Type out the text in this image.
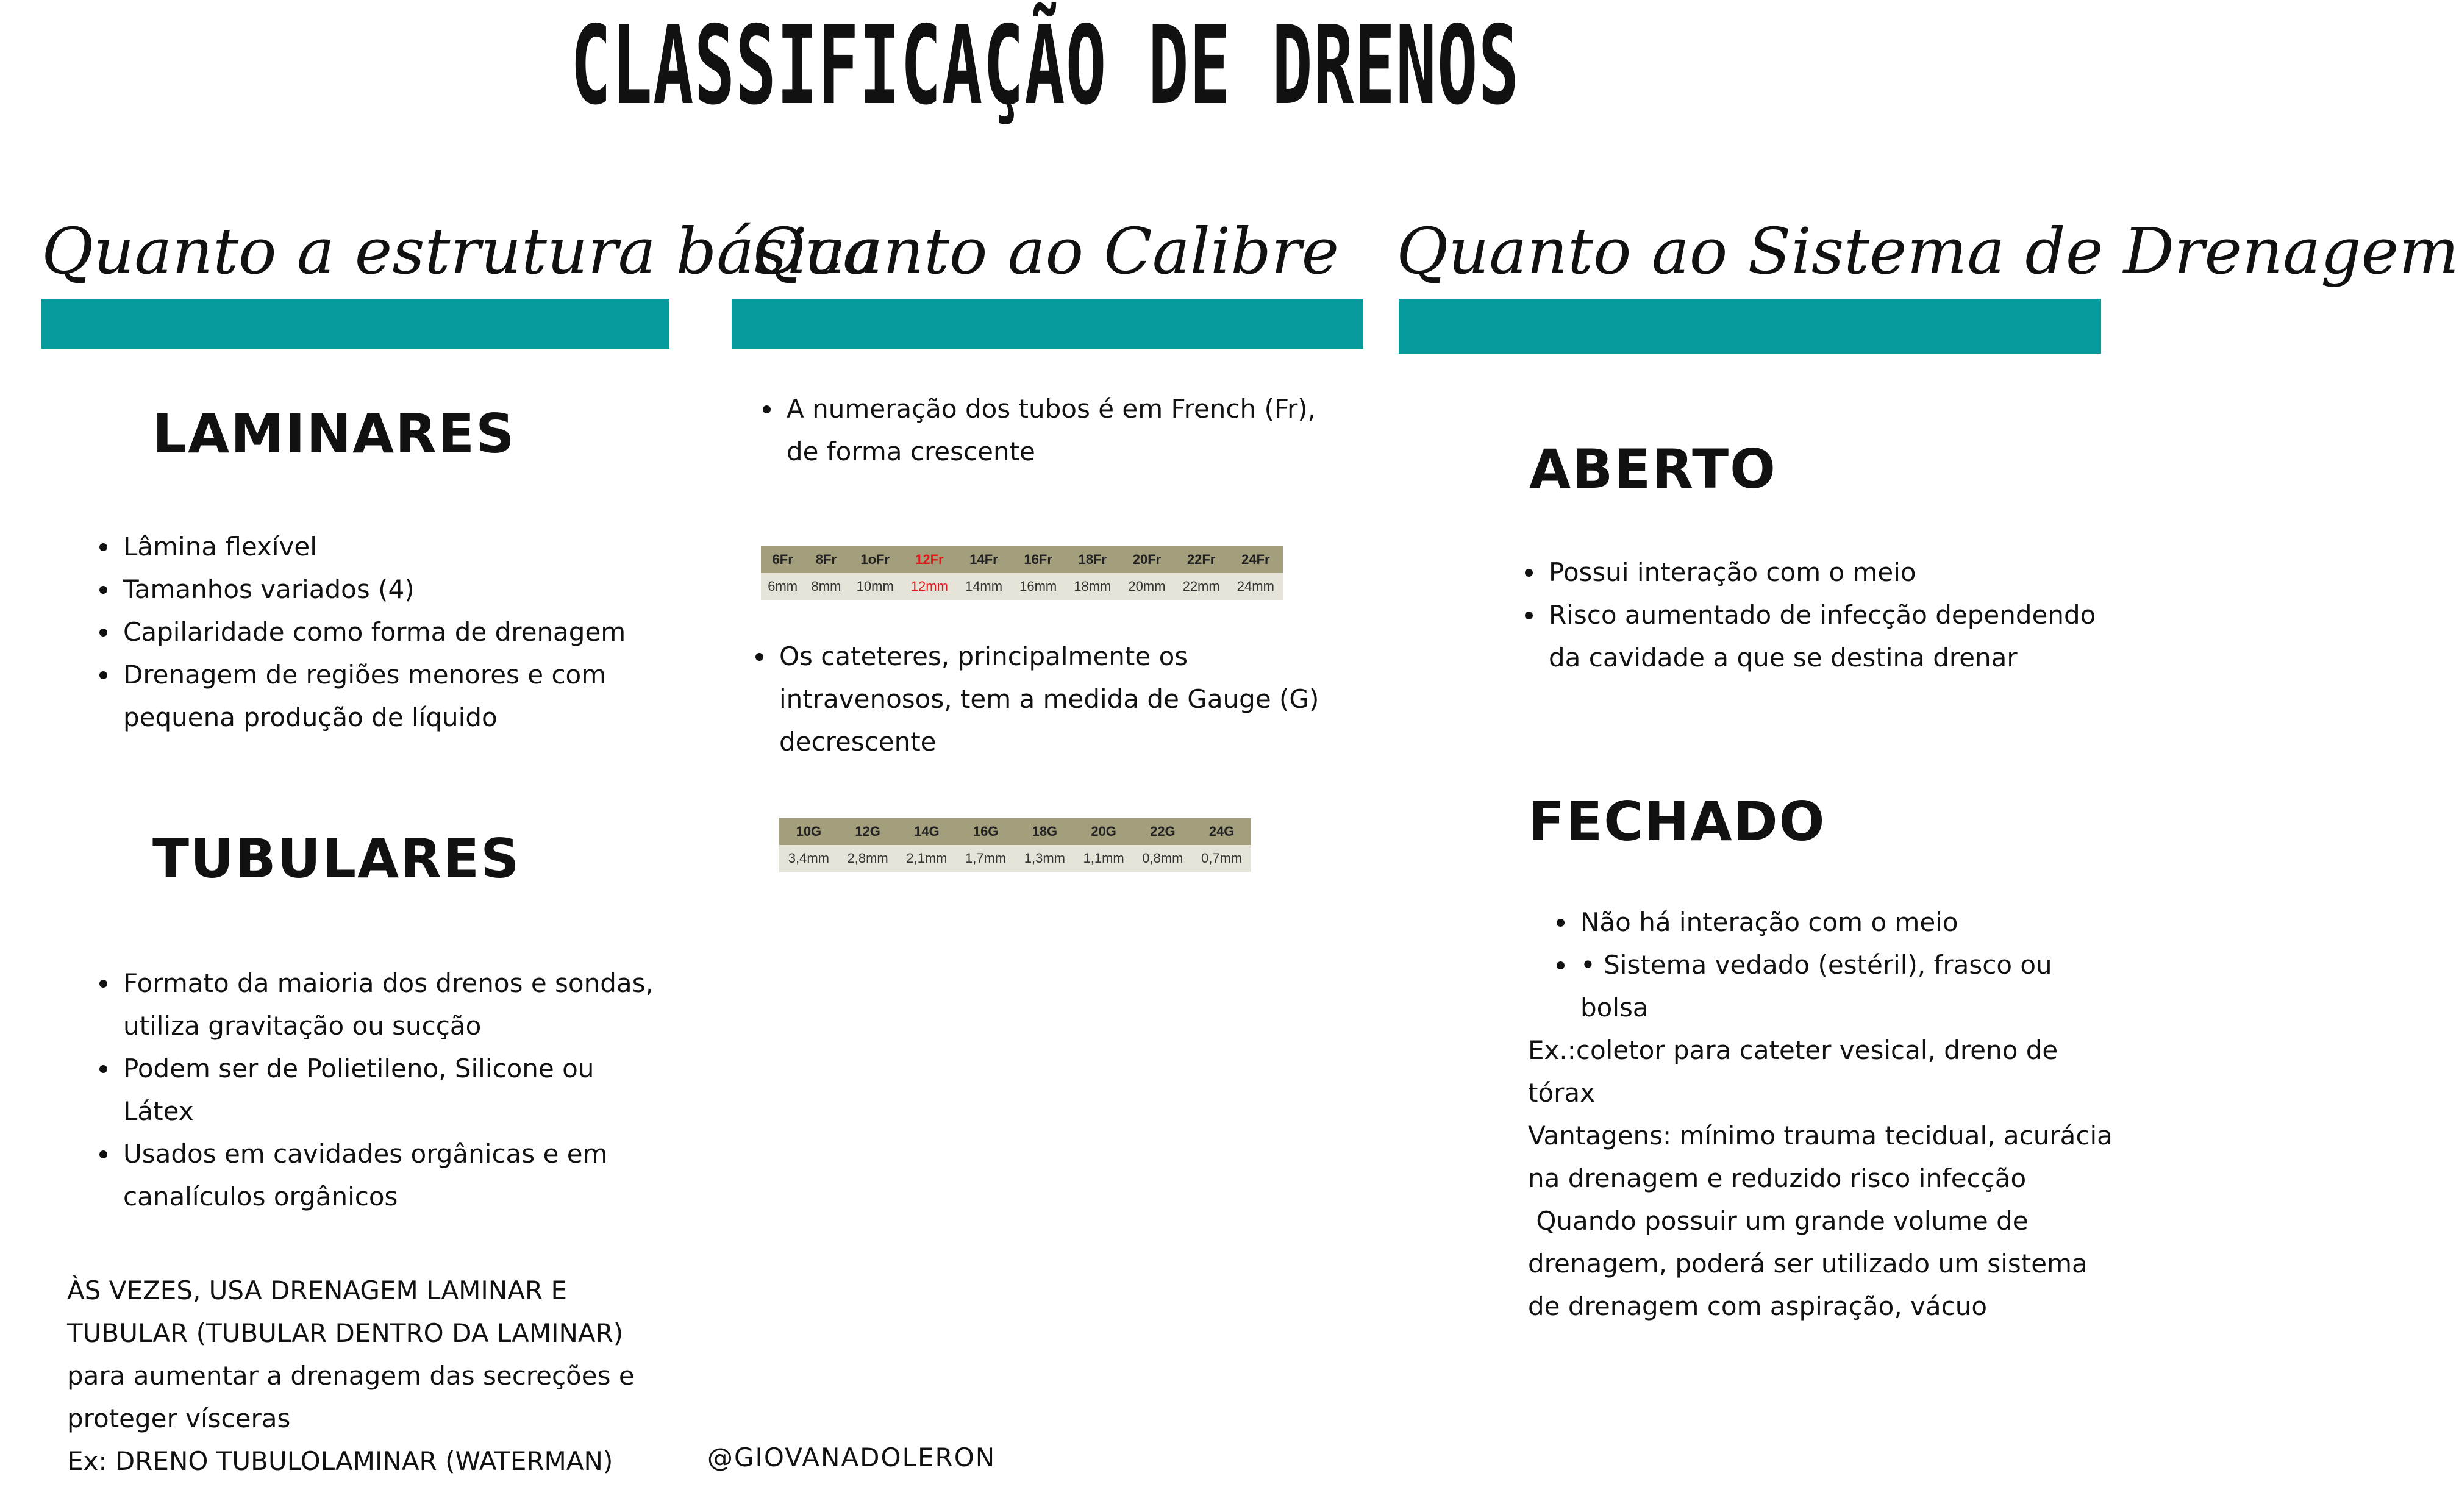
CLASSIFICAÇÃO DE DRENOS
Quanto a estrutura básica
LAMINARES
• Lâmina flexível
• Tamanhos variados (4)
• Capilaridade como forma de drenagem
• Drenagem de regiões menores e com
pequena produção de líquido
TUBULARES
• Formato da maioria dos drenos e sondas,
utiliza gravitação ou sucção
• Podem ser de Polietileno, Silicone ou
Látex
• Usados em cavidades orgânicas e em
canalículos orgânicos
ÀS VEZES, USA DRENAGEM LAMINAR E
TUBULAR (TUBULAR DENTRO DA LAMINAR)
para aumentar a drenagem das secreções e
proteger vísceras
Ex: DRENO TUBULOLAMINAR (WATERMAN)
Quanto ao Calibre
• A numeração dos tubos é em French (Fr),
de forma crescente
6Fr	8Fr	1oFr	12Fr	14Fr	16Fr	18Fr	20Fr	22Fr	24Fr
6mm	8mm	10mm	12mm	14mm	16mm	18mm	20mm	22mm	24mm
• Os cateteres, principalmente os
intravenosos, tem a medida de Gauge (G)
decrescente
10G	12G	14G	16G	18G	20G	22G	24G
3,4mm	2,8mm	2,1mm	1,7mm	1,3mm	1,1mm	0,8mm	0,7mm
Quanto ao Sistema de Drenagem
ABERTO
• Possui interação com o meio
• Risco aumentado de infecção dependendo
da cavidade a que se destina drenar
FECHADO
• Não há interação com o meio
• • Sistema vedado (estéril), frasco ou
bolsa
Ex.:coletor para cateter vesical, dreno de
tórax
Vantagens: mínimo trauma tecidual, acurácia
na drenagem e reduzido risco infecção
Quando possuir um grande volume de
drenagem, poderá ser utilizado um sistema
de drenagem com aspiração, vácuo
@GIOVANADOLERON
